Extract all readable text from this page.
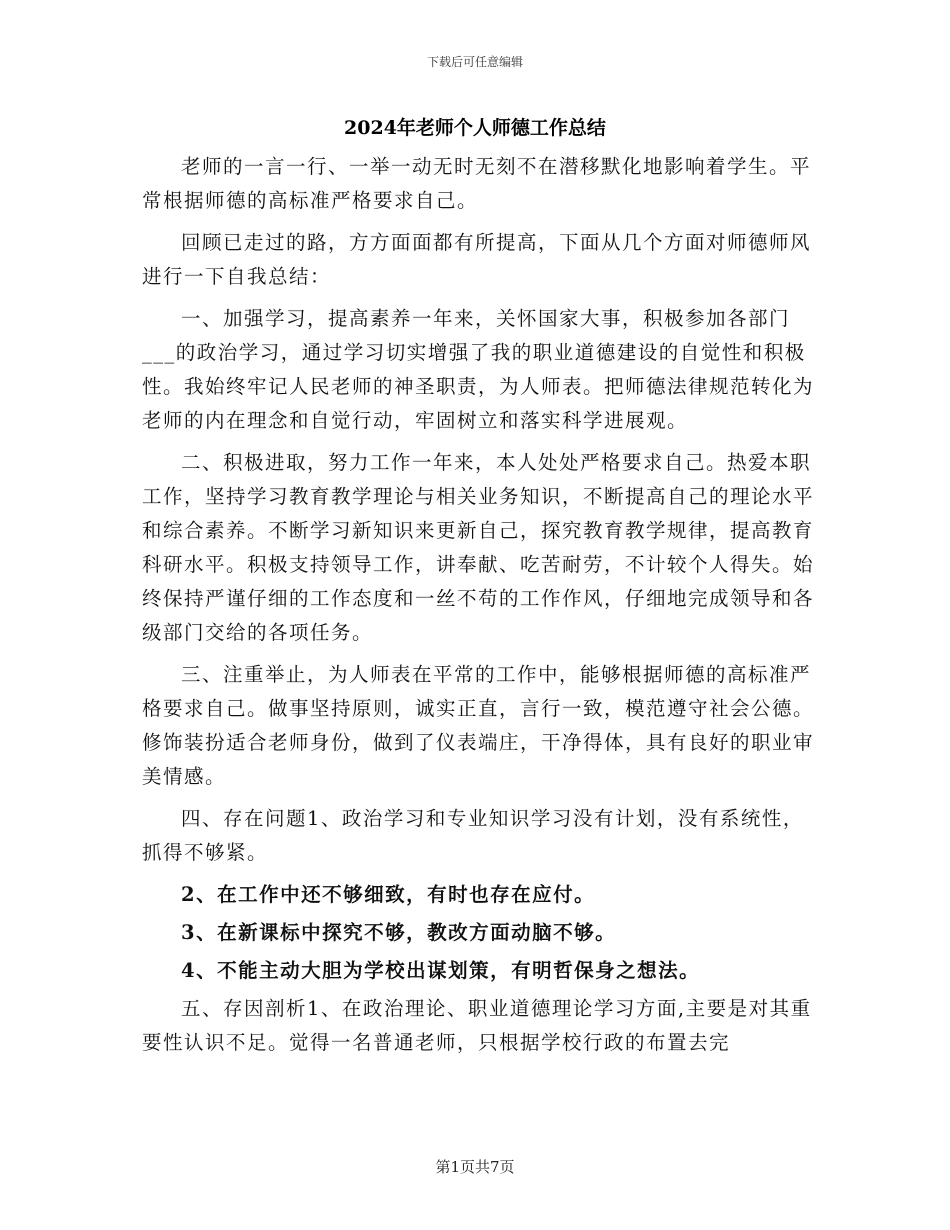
下载后可任意编辑
2024年老师个人师德工作总结

老师的一言一行、一举一动无时无刻不在潜移默化地影响着学生。平常根据师德的高标准严格要求自己。

回顾已走过的路，方方面面都有所提高，下面从几个方面对师德师风进行一下自我总结：

一、加强学习，提高素养一年来，关怀国家大事，积极参加各部门___的政治学习，通过学习切实增强了我的职业道德建设的自觉性和积极性。我始终牢记人民老师的神圣职责，为人师表。把师德法律规范转化为老师的内在理念和自觉行动，牢固树立和落实科学进展观。

二、积极进取，努力工作一年来，本人处处严格要求自己。热爱本职工作，坚持学习教育教学理论与相关业务知识，不断提高自己的理论水平和综合素养。不断学习新知识来更新自己，探究教育教学规律，提高教育科研水平。积极支持领导工作，讲奉献、吃苦耐劳，不计较个人得失。始终保持严谨仔细的工作态度和一丝不苟的工作作风，仔细地完成领导和各级部门交给的各项任务。

三、注重举止，为人师表在平常的工作中，能够根据师德的高标准严格要求自己。做事坚持原则，诚实正直，言行一致，模范遵守社会公德。修饰装扮适合老师身份，做到了仪表端庄，干净得体，具有良好的职业审美情感。

四、存在问题1、政治学习和专业知识学习没有计划，没有系统性，抓得不够紧。

2、在工作中还不够细致，有时也存在应付。

3、在新课标中探究不够，教改方面动脑不够。

4、不能主动大胆为学校出谋划策，有明哲保身之想法。

五、存因剖析1、在政治理论、职业道德理论学习方面,主要是对其重要性认识不足。觉得一名普通老师，只根据学校行政的布置去完

第1页共7页
